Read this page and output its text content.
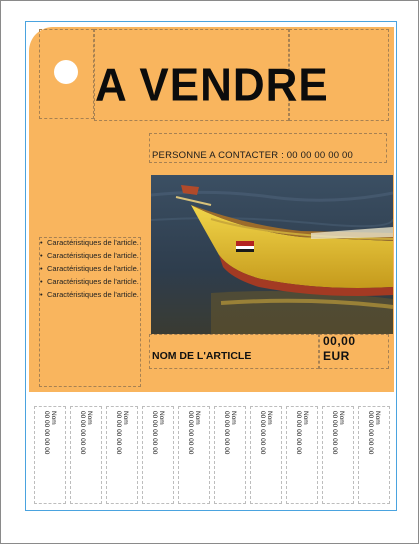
A VENDRE
PERSONNE A CONTACTER : 00 00 00 00 00
• Caractéristiques de l'article.
• Caractéristiques de l'article.
• Caractéristiques de l'article.
• Caractéristiques de l'article.
• Caractéristiques de l'article.
NOM DE L'ARTICLE
00,00
EUR
Nom
00 00 00 00 00	Nom
00 00 00 00 00	Nom
00 00 00 00 00	Nom
00 00 00 00 00	Nom
00 00 00 00 00	Nom
00 00 00 00 00	Nom
00 00 00 00 00	Nom
00 00 00 00 00	Nom
00 00 00 00 00	Nom
00 00 00 00 00
